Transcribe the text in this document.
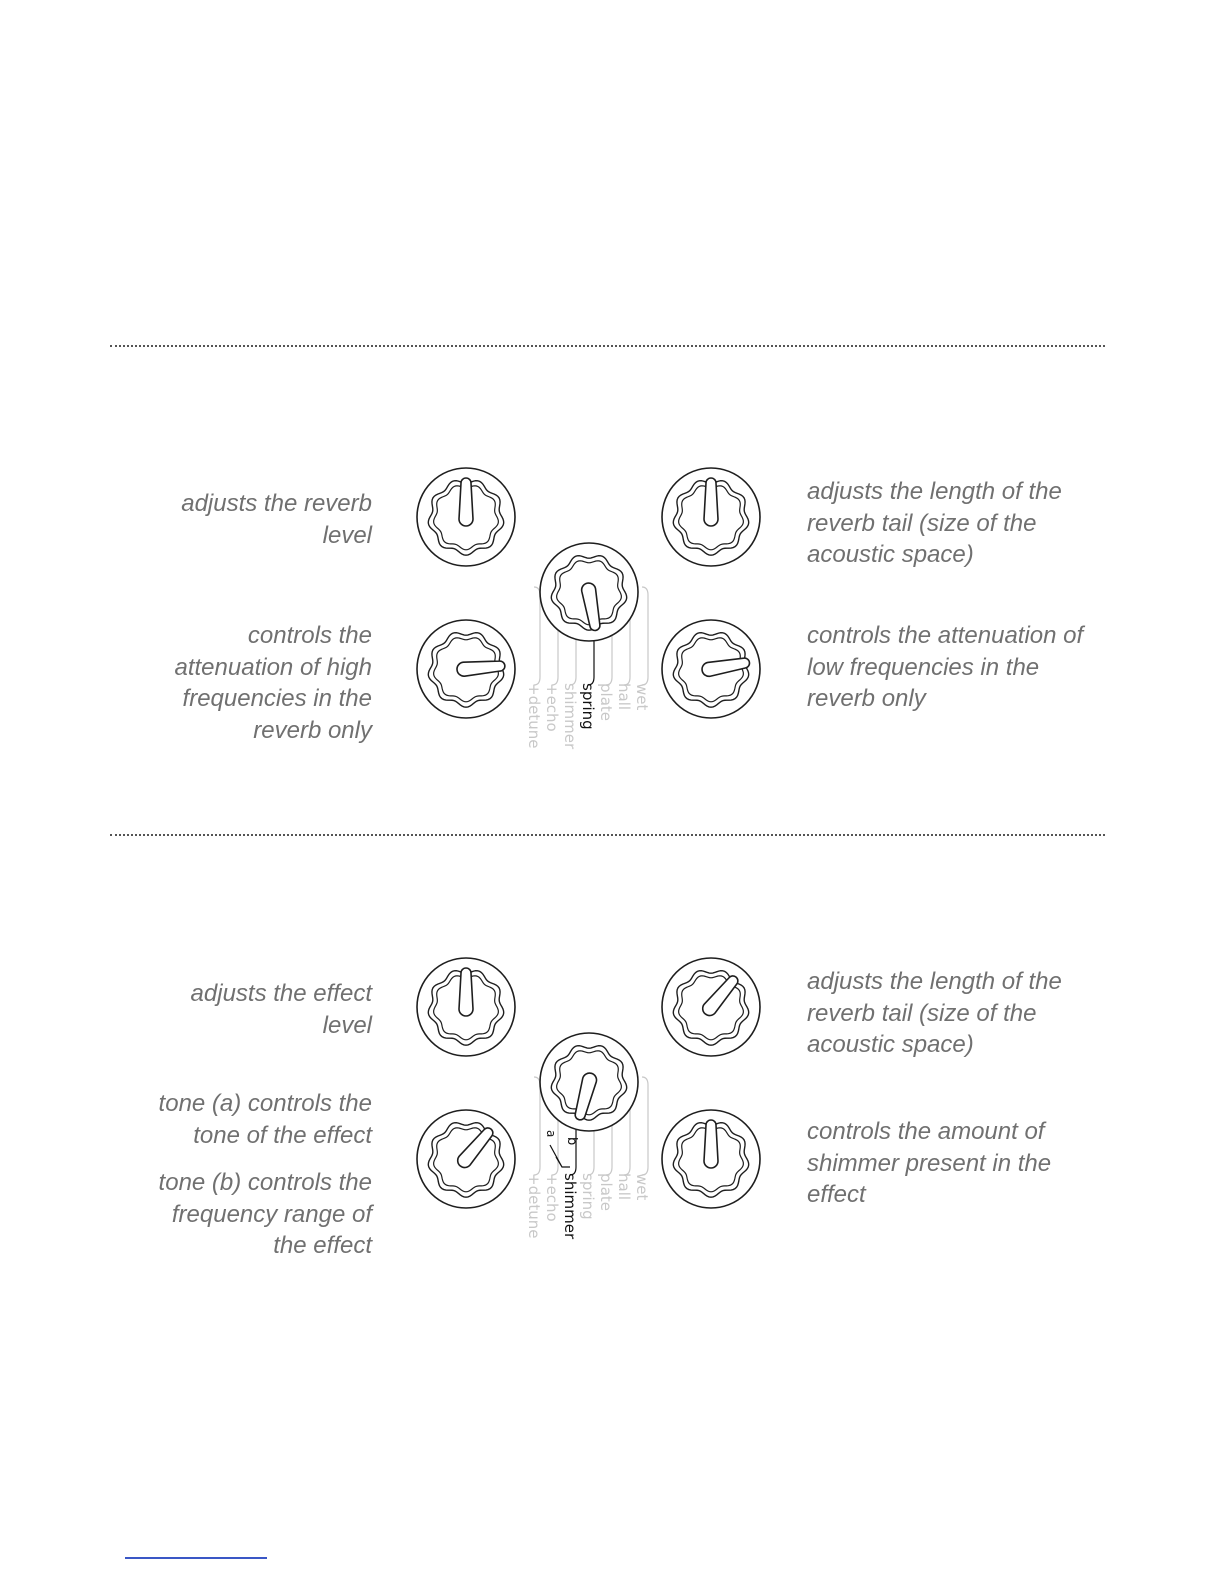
adjusts the reverb level

controls the attenuation of high frequencies in the reverb only

adjusts the length of the reverb tail (size of the acoustic space)

controls the attenuation of low frequencies in the reverb only

wet
hall
plate
spring
shimmer
+echo
+detune

adjusts the effect level

tone (a) controls the tone of the effect

tone (b) controls the frequency range of the effect

adjusts the length of the reverb tail (size of the acoustic space)

controls the amount of shimmer present in the effect

wet
hall
plate
spring
shimmer
+echo
+detune
b
a
